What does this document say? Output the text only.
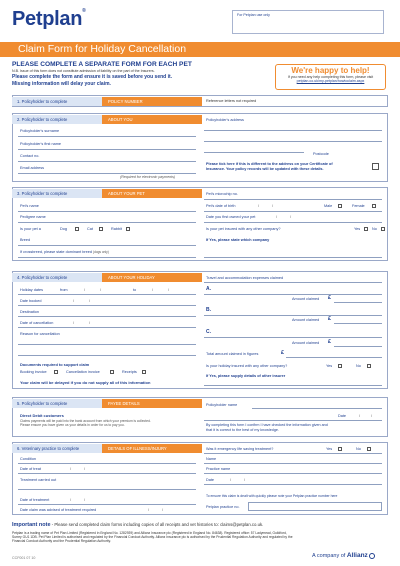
Petplan®
For Petplan use only
Claim Form for Holiday Cancellation
PLEASE COMPLETE A SEPARATE FORM FOR EACH PET
N.B. Issue of this form does not constitute admission of liability on the part of the Insurers.
Please complete the form and ensure it is saved before you send it.
Missing information will delay your claim.
We're happy to help!
If you need any help completing this form, please visit
petplan.co.uk/my-petplan/howtoclaim.aspx
1. Policyholder to complete	POLICY NUMBER	Reference letters not required
2. Policyholder to complete	ABOUT YOU
Policyholder's surname
Policyholder's first name
Contact no.
Email address
(Required for electronic payments)
Policyholder's address
Postcode
Please tick here if this is different to the address on your Certificate of
Insurance. Your policy records will be updated with these details.
3. Policyholder to complete	ABOUT YOUR PET
Pet's name
Pedigree name
Is your pet a	Dog	Cat	Rabbit
Breed
If crossbreed, please state dominant breed (dogs only)
Pet's microchip no.
Pet's date of birth	/	/	Male	Female
Date you first owned your pet	/	/
Is your pet insured with any other company?	Yes	No
If Yes, please state which company
4. Policyholder to complete	ABOUT YOUR HOLIDAY
Holiday dates	from	/	/	to	/	/
Date booked	/	/
Destination
Date of cancellation	/	/
Reason for cancellation
Documents required to support claim
Booking invoice	Cancellation invoice	Receipts
Your claim will be delayed if you do not supply all of this information
Travel and accommodation expenses claimed
A.
Amount claimed £
B.
Amount claimed £
C.
Amount claimed £
Total amount claimed in figures	£
Is your holiday insured with any other company?	Yes	No
If Yes, please supply details of other insurer
5. Policyholder to complete	PAYEE DETAILS
Direct Debit customers
Claims payments will be paid into the bank account from which your premium is collected.
Please ensure you have given us your details in order for us to pay you.
Policyholder name
Date	/	/
By completing this form I confirm I have checked the information given and
that it is correct to the best of my knowledge.
6. Veterinary practice to complete	DETAILS OF ILLNESS/INJURY
Condition
Date of treat	/	/
Treatment carried out
Date of treatment	/	/
Date claim was advised of treatment required	/	/
Was it emergency life saving treatment?	Yes	No
Name
Practice name
Date	/	/
To ensure this claim is dealt with quickly please note your Petplan practice number here
Petplan practice no.
Important note - Please send completed claim forms including copies of all receipts and vet histories to: claims@petplan.co.uk.
Petplan is a trading name of Pet Plan Limited (Registered in England No. 1282939) and Allianz Insurance plc (Registered in England No. 84638). Registered office: 57 Ladymead, Guildford,
Surrey GU1 1DB. Pet Plan Limited is authorised and regulated by the Financial Conduct Authority. Allianz Insurance plc is authorised by the Prudential Regulation Authority and regulated by the
Financial Conduct Authority and the Prudential Regulation Authority.
CCF001 07 10	A company of Allianz
